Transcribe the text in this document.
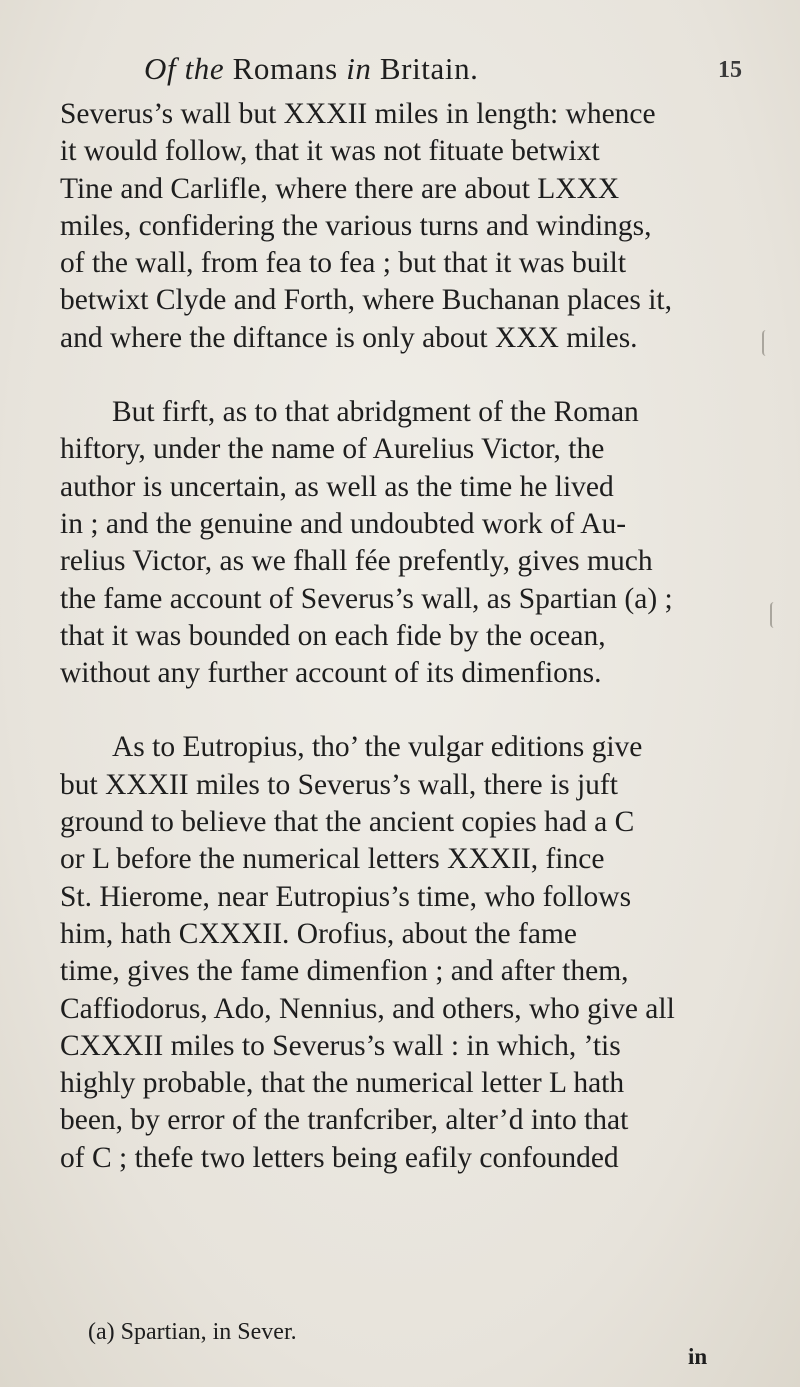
Of the Romans in Britain.	15
Severus’s wall but XXXII miles in length: whence
it would follow, that it was not fituate betwixt
Tine and Carlifle, where there are about LXXX
miles, confidering the various turns and windings,
of the wall, from fea to fea ; but that it was built
betwixt Clyde and Forth, where Buchanan places it,
and where the diftance is only about XXX miles.
But firft, as to that abridgment of the Roman
hiftory, under the name of Aurelius Victor, the
author is uncertain, as well as the time he lived
in ; and the genuine and undoubted work of Au-
relius Victor, as we fhall fée prefently, gives much
the fame account of Severus’s wall, as Spartian (a) ;
that it was bounded on each fide by the ocean,
without any further account of its dimenfions.
As to Eutropius, tho’ the vulgar editions give
but XXXII miles to Severus’s wall, there is juft
ground to believe that the ancient copies had a C
or L before the numerical letters XXXII, fince
St. Hierome, near Eutropius’s time, who follows
him, hath CXXXII. Orofius, about the fame
time, gives the fame dimenfion ; and after them,
Caffiodorus, Ado, Nennius, and others, who give all
CXXXII miles to Severus’s wall : in which, ’tis
highly probable, that the numerical letter L hath
been, by error of the tranfcriber, alter’d into that
of C ; thefe two letters being eafily confounded
(a) Spartian, in Sever.
in
